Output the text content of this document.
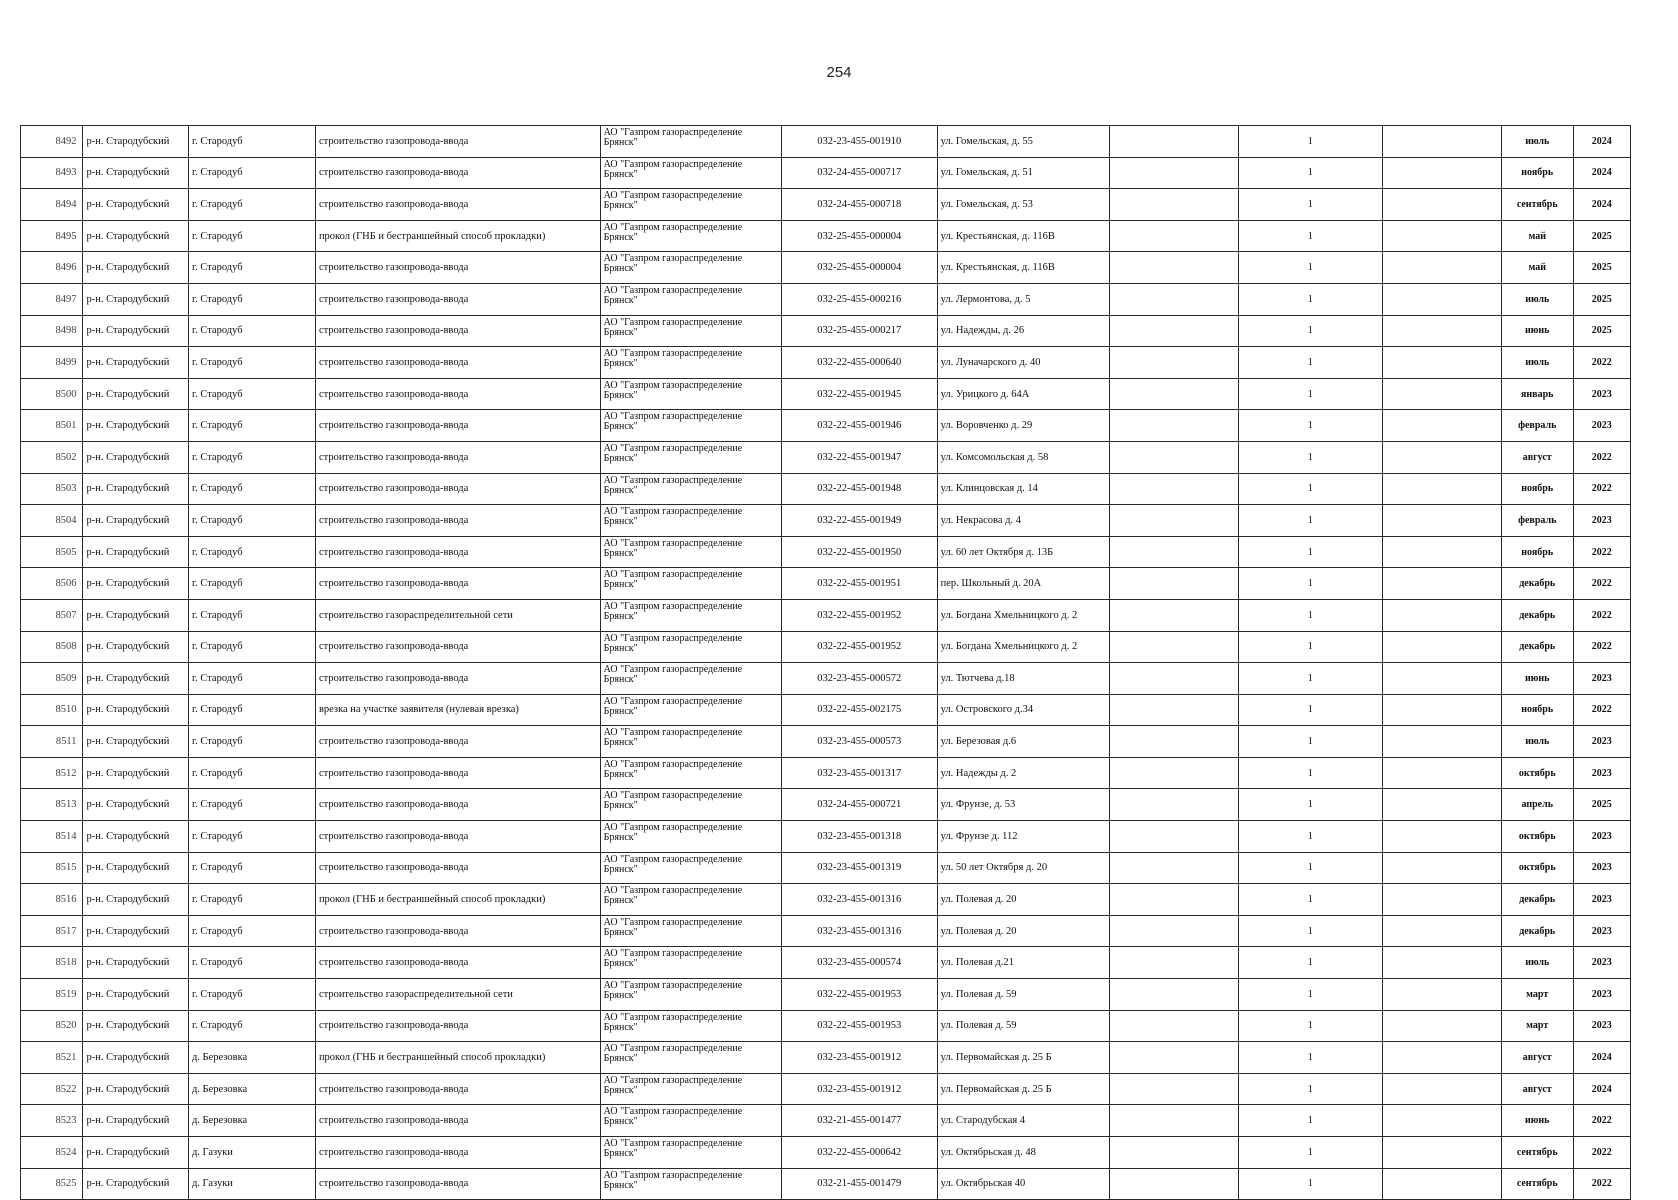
254
8492	р-н. Стародубский	г. Стародуб	строительство газопровода-ввода	АО "Газпром газораспределение Брянск"	032-23-455-001910	ул. Гомельская, д. 55		1		июль	2024
8493	р-н. Стародубский	г. Стародуб	строительство газопровода-ввода	АО "Газпром газораспределение Брянск"	032-24-455-000717	ул. Гомельская, д. 51		1		ноябрь	2024
8494	р-н. Стародубский	г. Стародуб	строительство газопровода-ввода	АО "Газпром газораспределение Брянск"	032-24-455-000718	ул. Гомельская, д. 53		1		сентябрь	2024
8495	р-н. Стародубский	г. Стародуб	прокол (ГНБ и бестраншейный способ прокладки)	АО "Газпром газораспределение Брянск"	032-25-455-000004	ул. Крестьянская, д. 116В		1		май	2025
8496	р-н. Стародубский	г. Стародуб	строительство газопровода-ввода	АО "Газпром газораспределение Брянск"	032-25-455-000004	ул. Крестьянская, д. 116В		1		май	2025
8497	р-н. Стародубский	г. Стародуб	строительство газопровода-ввода	АО "Газпром газораспределение Брянск"	032-25-455-000216	ул. Лермонтова, д. 5		1		июль	2025
8498	р-н. Стародубский	г. Стародуб	строительство газопровода-ввода	АО "Газпром газораспределение Брянск"	032-25-455-000217	ул. Надежды, д. 26		1		июнь	2025
8499	р-н. Стародубский	г. Стародуб	строительство газопровода-ввода	АО "Газпром газораспределение Брянск"	032-22-455-000640	ул. Луначарского д. 40		1		июль	2022
8500	р-н. Стародубский	г. Стародуб	строительство газопровода-ввода	АО "Газпром газораспределение Брянск"	032-22-455-001945	ул. Урицкого д. 64А		1		январь	2023
8501	р-н. Стародубский	г. Стародуб	строительство газопровода-ввода	АО "Газпром газораспределение Брянск"	032-22-455-001946	ул. Воровченко д. 29		1		февраль	2023
8502	р-н. Стародубский	г. Стародуб	строительство газопровода-ввода	АО "Газпром газораспределение Брянск"	032-22-455-001947	ул. Комсомольская д. 58		1		август	2022
8503	р-н. Стародубский	г. Стародуб	строительство газопровода-ввода	АО "Газпром газораспределение Брянск"	032-22-455-001948	ул. Клинцовская д. 14		1		ноябрь	2022
8504	р-н. Стародубский	г. Стародуб	строительство газопровода-ввода	АО "Газпром газораспределение Брянск"	032-22-455-001949	ул. Некрасова д. 4		1		февраль	2023
8505	р-н. Стародубский	г. Стародуб	строительство газопровода-ввода	АО "Газпром газораспределение Брянск"	032-22-455-001950	ул. 60 лет Октября д. 13Б		1		ноябрь	2022
8506	р-н. Стародубский	г. Стародуб	строительство газопровода-ввода	АО "Газпром газораспределение Брянск"	032-22-455-001951	пер. Школьный д. 20А		1		декабрь	2022
8507	р-н. Стародубский	г. Стародуб	строительство газораспределительной сети	АО "Газпром газораспределение Брянск"	032-22-455-001952	ул. Богдана Хмельницкого д. 2		1		декабрь	2022
8508	р-н. Стародубский	г. Стародуб	строительство газопровода-ввода	АО "Газпром газораспределение Брянск"	032-22-455-001952	ул. Богдана Хмельницкого д. 2		1		декабрь	2022
8509	р-н. Стародубский	г. Стародуб	строительство газопровода-ввода	АО "Газпром газораспределение Брянск"	032-23-455-000572	ул. Тютчева д.18		1		июнь	2023
8510	р-н. Стародубский	г. Стародуб	врезка на участке заявителя (нулевая врезка)	АО "Газпром газораспределение Брянск"	032-22-455-002175	ул. Островского д.34		1		ноябрь	2022
8511	р-н. Стародубский	г. Стародуб	строительство газопровода-ввода	АО "Газпром газораспределение Брянск"	032-23-455-000573	ул. Березовая д.6		1		июль	2023
8512	р-н. Стародубский	г. Стародуб	строительство газопровода-ввода	АО "Газпром газораспределение Брянск"	032-23-455-001317	ул. Надежды д. 2		1		октябрь	2023
8513	р-н. Стародубский	г. Стародуб	строительство газопровода-ввода	АО "Газпром газораспределение Брянск"	032-24-455-000721	ул. Фрунзе, д. 53		1		апрель	2025
8514	р-н. Стародубский	г. Стародуб	строительство газопровода-ввода	АО "Газпром газораспределение Брянск"	032-23-455-001318	ул. Фрунзе д. 112		1		октябрь	2023
8515	р-н. Стародубский	г. Стародуб	строительство газопровода-ввода	АО "Газпром газораспределение Брянск"	032-23-455-001319	ул. 50 лет Октября д. 20		1		октябрь	2023
8516	р-н. Стародубский	г. Стародуб	прокол (ГНБ и бестраншейный способ прокладки)	АО "Газпром газораспределение Брянск"	032-23-455-001316	ул. Полевая д. 20		1		декабрь	2023
8517	р-н. Стародубский	г. Стародуб	строительство газопровода-ввода	АО "Газпром газораспределение Брянск"	032-23-455-001316	ул. Полевая д. 20		1		декабрь	2023
8518	р-н. Стародубский	г. Стародуб	строительство газопровода-ввода	АО "Газпром газораспределение Брянск"	032-23-455-000574	ул. Полевая д.21		1		июль	2023
8519	р-н. Стародубский	г. Стародуб	строительство газораспределительной сети	АО "Газпром газораспределение Брянск"	032-22-455-001953	ул. Полевая д. 59		1		март	2023
8520	р-н. Стародубский	г. Стародуб	строительство газопровода-ввода	АО "Газпром газораспределение Брянск"	032-22-455-001953	ул. Полевая д. 59		1		март	2023
8521	р-н. Стародубский	д. Березовка	прокол (ГНБ и бестраншейный способ прокладки)	АО "Газпром газораспределение Брянск"	032-23-455-001912	ул. Первомайская д. 25 Б		1		август	2024
8522	р-н. Стародубский	д. Березовка	строительство газопровода-ввода	АО "Газпром газораспределение Брянск"	032-23-455-001912	ул. Первомайская д. 25 Б		1		август	2024
8523	р-н. Стародубский	д. Березовка	строительство газопровода-ввода	АО "Газпром газораспределение Брянск"	032-21-455-001477	ул. Стародубская 4		1		июнь	2022
8524	р-н. Стародубский	д. Газуки	строительство газопровода-ввода	АО "Газпром газораспределение Брянск"	032-22-455-000642	ул. Октябрьская д. 48		1		сентябрь	2022
8525	р-н. Стародубский	д. Газуки	строительство газопровода-ввода	АО "Газпром газораспределение Брянск"	032-21-455-001479	ул. Октябрьская 40		1		сентябрь	2022
